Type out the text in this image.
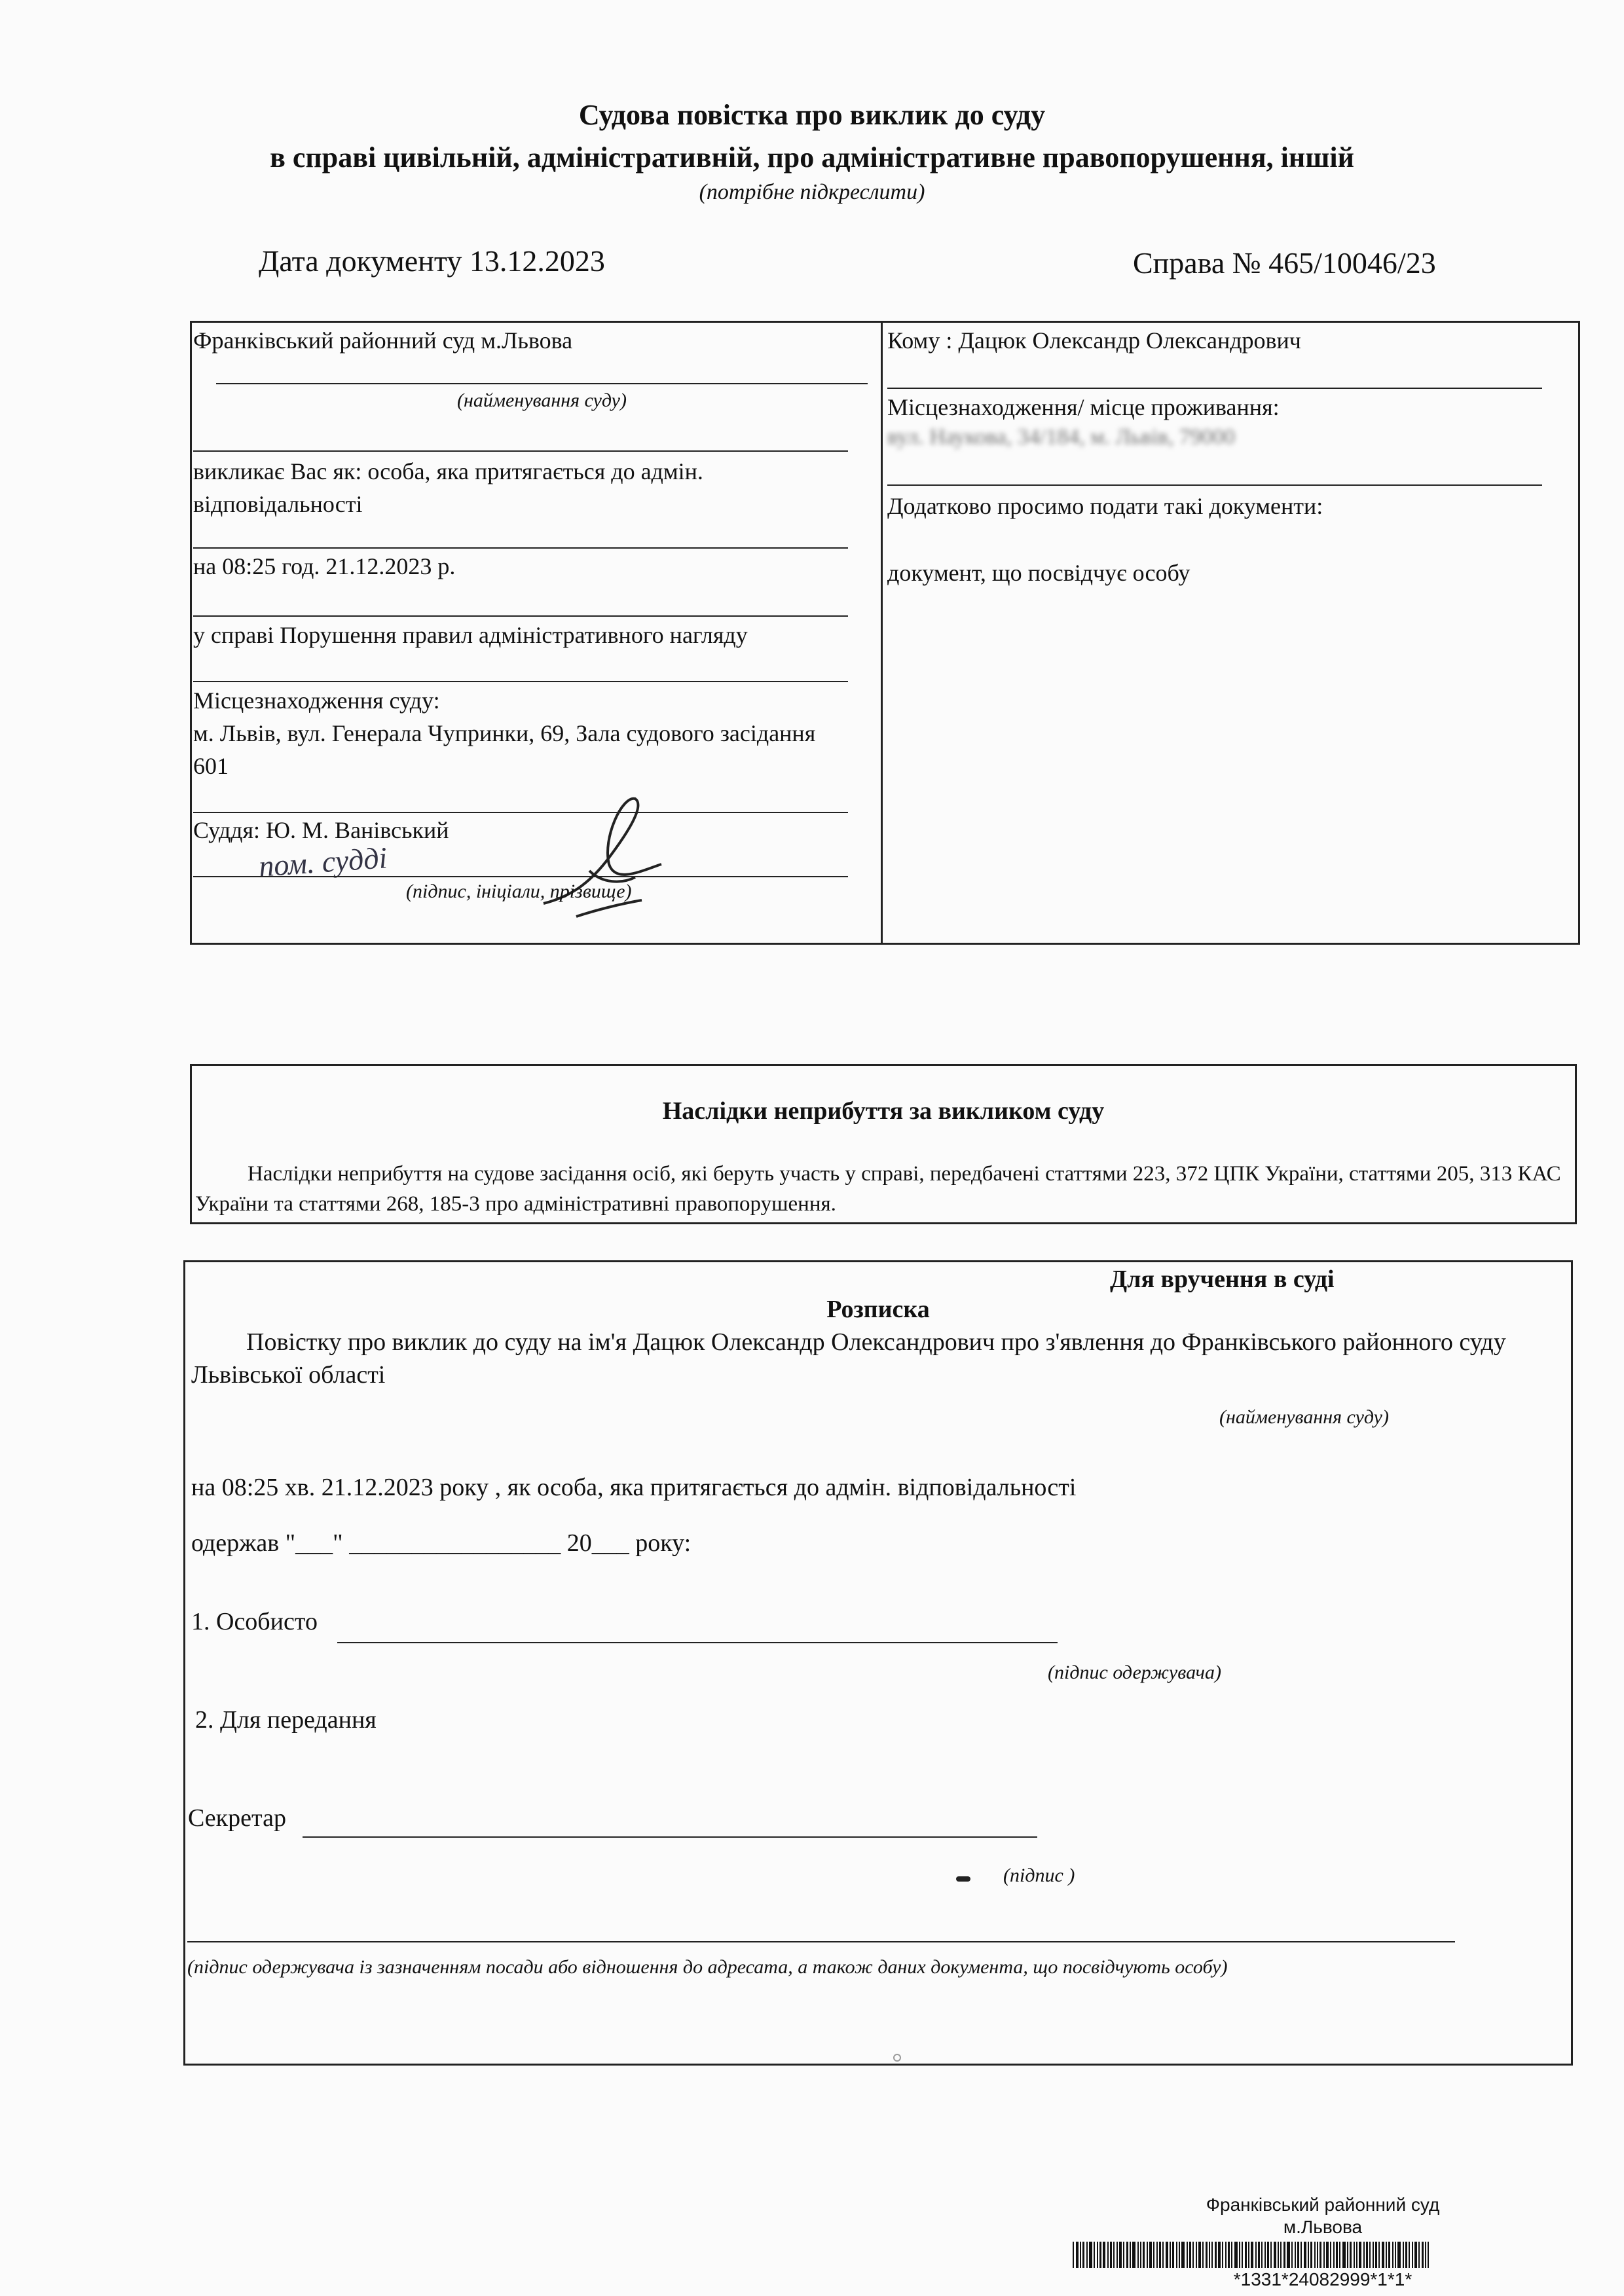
Судова повістка про виклик до суду
в справі цивільній, адміністративній, про адміністративне правопорушення, іншій
(потрібне підкреслити)
Дата документу 13.12.2023	Справа № 465/10046/23
Франківський районний суд м.Львова
(найменування суду)
викликає Вас як: особа, яка притягається до адмін. відповідальності
на 08:25 год. 21.12.2023 р.
у справі Порушення правил адміністративного нагляду
Місцезнаходження суду:
м. Львів, вул. Генерала Чупринки, 69, Зала судового засідання 601
Суддя: Ю. М. Ванівський
пом. судді
(підпис, ініціали, прізвище)
Кому : Дацюк Олександр Олександрович
Місцезнаходження/ місце проживання:
вул. Наукова, 34/184, м. Львів, 79000
Додатково просимо подати такі документи:
документ, що посвідчує особу
Наслідки неприбуття за викликом суду
Наслідки неприбуття на судове засідання осіб, які беруть участь у справі, передбачені статтями 223, 372 ЦПК України, статтями 205, 313 КАС України та статтями 268, 185-3 про адміністративні правопорушення.
Для вручення в суді
Розписка
Повістку про виклик до суду на ім'я Дацюк Олександр Олександрович про з'явлення до Франківського районного суду Львівської області
(найменування суду)
на 08:25 хв. 21.12.2023 року , як особа, яка притягається до адмін. відповідальності
одержав "___" _________________ 20___ року:
1. Особисто
(підпис одержувача)
2. Для передання
Секретар
(підпис )
(підпис одержувача із зазначенням посади або відношення до адресата, а також даних документа, що посвідчують особу)
Франківський районний суд
м.Львова
*1331*24082999*1*1*
